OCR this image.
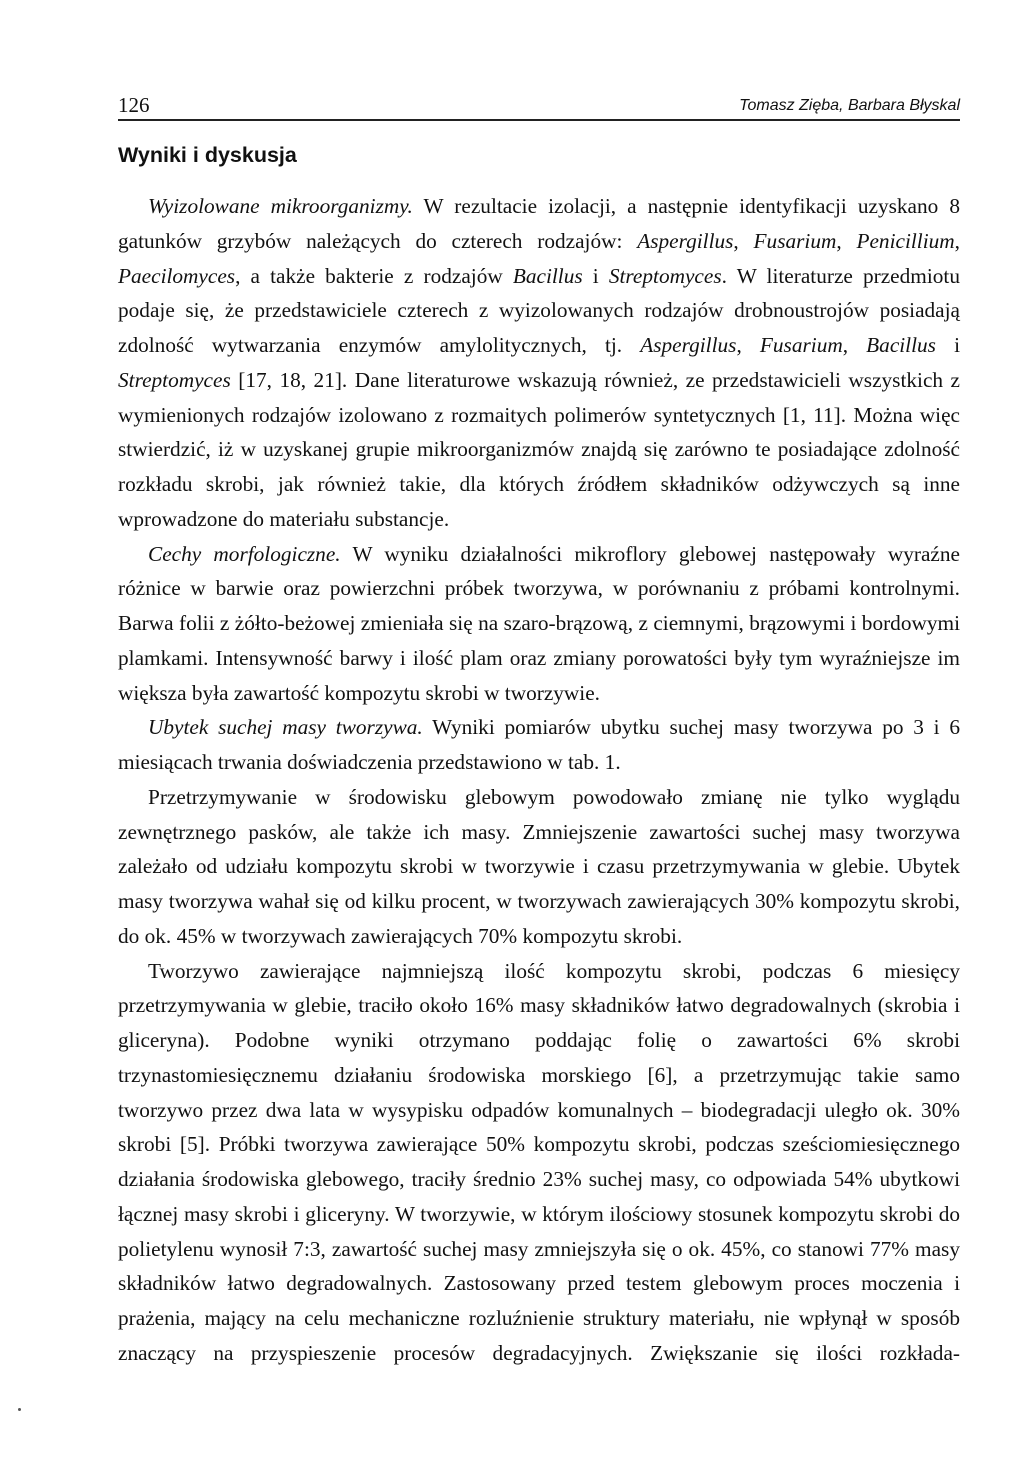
126	Tomasz Zięba, Barbara Błyskal
Wyniki i dyskusja

Wyizolowane mikroorganizmy. W rezultacie izolacji, a następnie identyfikacji uzyskano 8 gatunków grzybów należących do czterech rodzajów: Aspergillus, Fusarium, Penicillium, Paecilomyces, a także bakterie z rodzajów Bacillus i Streptomyces. W literaturze przedmiotu podaje się, że przedstawiciele czterech z wyizolowanych rodzajów drobnoustrojów posiadają zdolność wytwarzania enzymów amylolitycznych, tj. Aspergillus, Fusarium, Bacillus i Streptomyces [17, 18, 21]. Dane literaturowe wskazują również, ze przedstawicieli wszystkich z wymienionych rodzajów izolowano z rozmaitych polimerów syntetycznych [1, 11]. Można więc stwierdzić, iż w uzyskanej grupie mikroorganizmów znajdą się zarówno te posiadające zdolność rozkładu skrobi, jak również takie, dla których źródłem składników odżywczych są inne wprowadzone do materiału substancje.

Cechy morfologiczne. W wyniku działalności mikroflory glebowej następowały wyraźne różnice w barwie oraz powierzchni próbek tworzywa, w porównaniu z próbami kontrolnymi. Barwa folii z żółto-beżowej zmieniała się na szaro-brązową, z ciemnymi, brązowymi i bordowymi plamkami. Intensywność barwy i ilość plam oraz zmiany porowatości były tym wyraźniejsze im większa była zawartość kompozytu skrobi w tworzywie.

Ubytek suchej masy tworzywa. Wyniki pomiarów ubytku suchej masy tworzywa po 3 i 6 miesiącach trwania doświadczenia przedstawiono w tab. 1.

Przetrzymywanie w środowisku glebowym powodowało zmianę nie tylko wyglądu zewnętrznego pasków, ale także ich masy. Zmniejszenie zawartości suchej masy tworzywa zależało od udziału kompozytu skrobi w tworzywie i czasu przetrzymywania w glebie. Ubytek masy tworzywa wahał się od kilku procent, w tworzywach zawierających 30% kompozytu skrobi, do ok. 45% w tworzywach zawierających 70% kompozytu skrobi.

Tworzywo zawierające najmniejszą ilość kompozytu skrobi, podczas 6 miesięcy przetrzymywania w glebie, traciło około 16% masy składników łatwo degradowalnych (skrobia i gliceryna). Podobne wyniki otrzymano poddając folię o zawartości 6% skrobi trzynastomiesięcznemu działaniu środowiska morskiego [6], a przetrzymując takie samo tworzywo przez dwa lata w wysypisku odpadów komunalnych – biodegradacji uległo ok. 30% skrobi [5]. Próbki tworzywa zawierające 50% kompozytu skrobi, podczas sześciomiesięcznego działania środowiska glebowego, traciły średnio 23% suchej masy, co odpowiada 54% ubytkowi łącznej masy skrobi i gliceryny. W tworzywie, w którym ilościowy stosunek kompozytu skrobi do polietylenu wynosił 7:3, zawartość suchej masy zmniejszyła się o ok. 45%, co stanowi 77% masy składników łatwo degradowalnych. Zastosowany przed testem glebowym proces moczenia i prażenia, mający na celu mechaniczne rozluźnienie struktury materiału, nie wpłynął w sposób znaczący na przyspieszenie procesów degradacyjnych. Zwiększanie się ilości rozkłada-
